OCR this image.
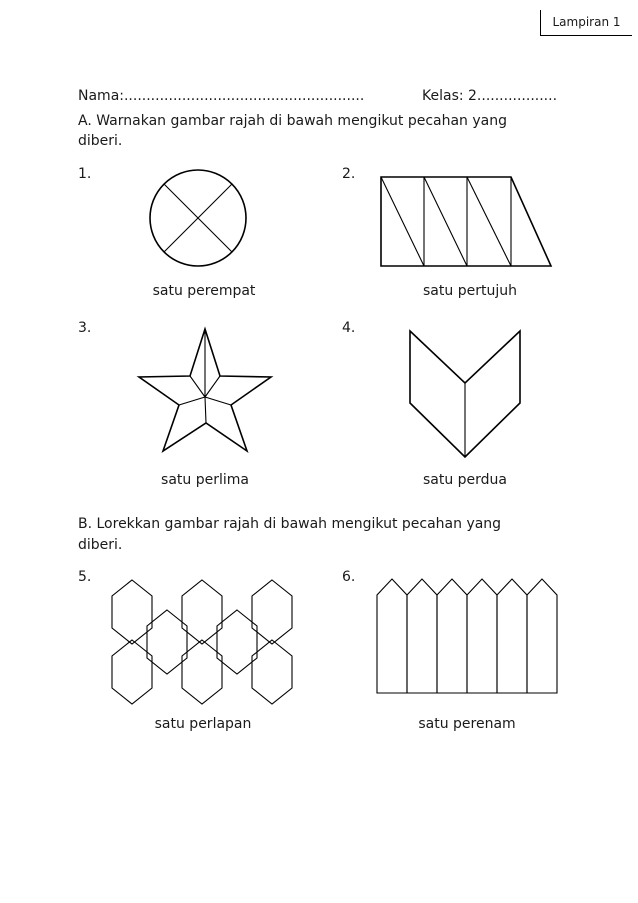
Lampiran 1
Nama:......................................................	Kelas: 2..................
A. Warnakan gambar rajah di bawah mengikut pecahan yang
diberi.
1.
satu perempat
2.
satu pertujuh
3.
satu perlima
4.
satu perdua
B. Lorekkan gambar rajah di bawah mengikut pecahan yang
diberi.
5.
satu perlapan
6.
satu perenam
